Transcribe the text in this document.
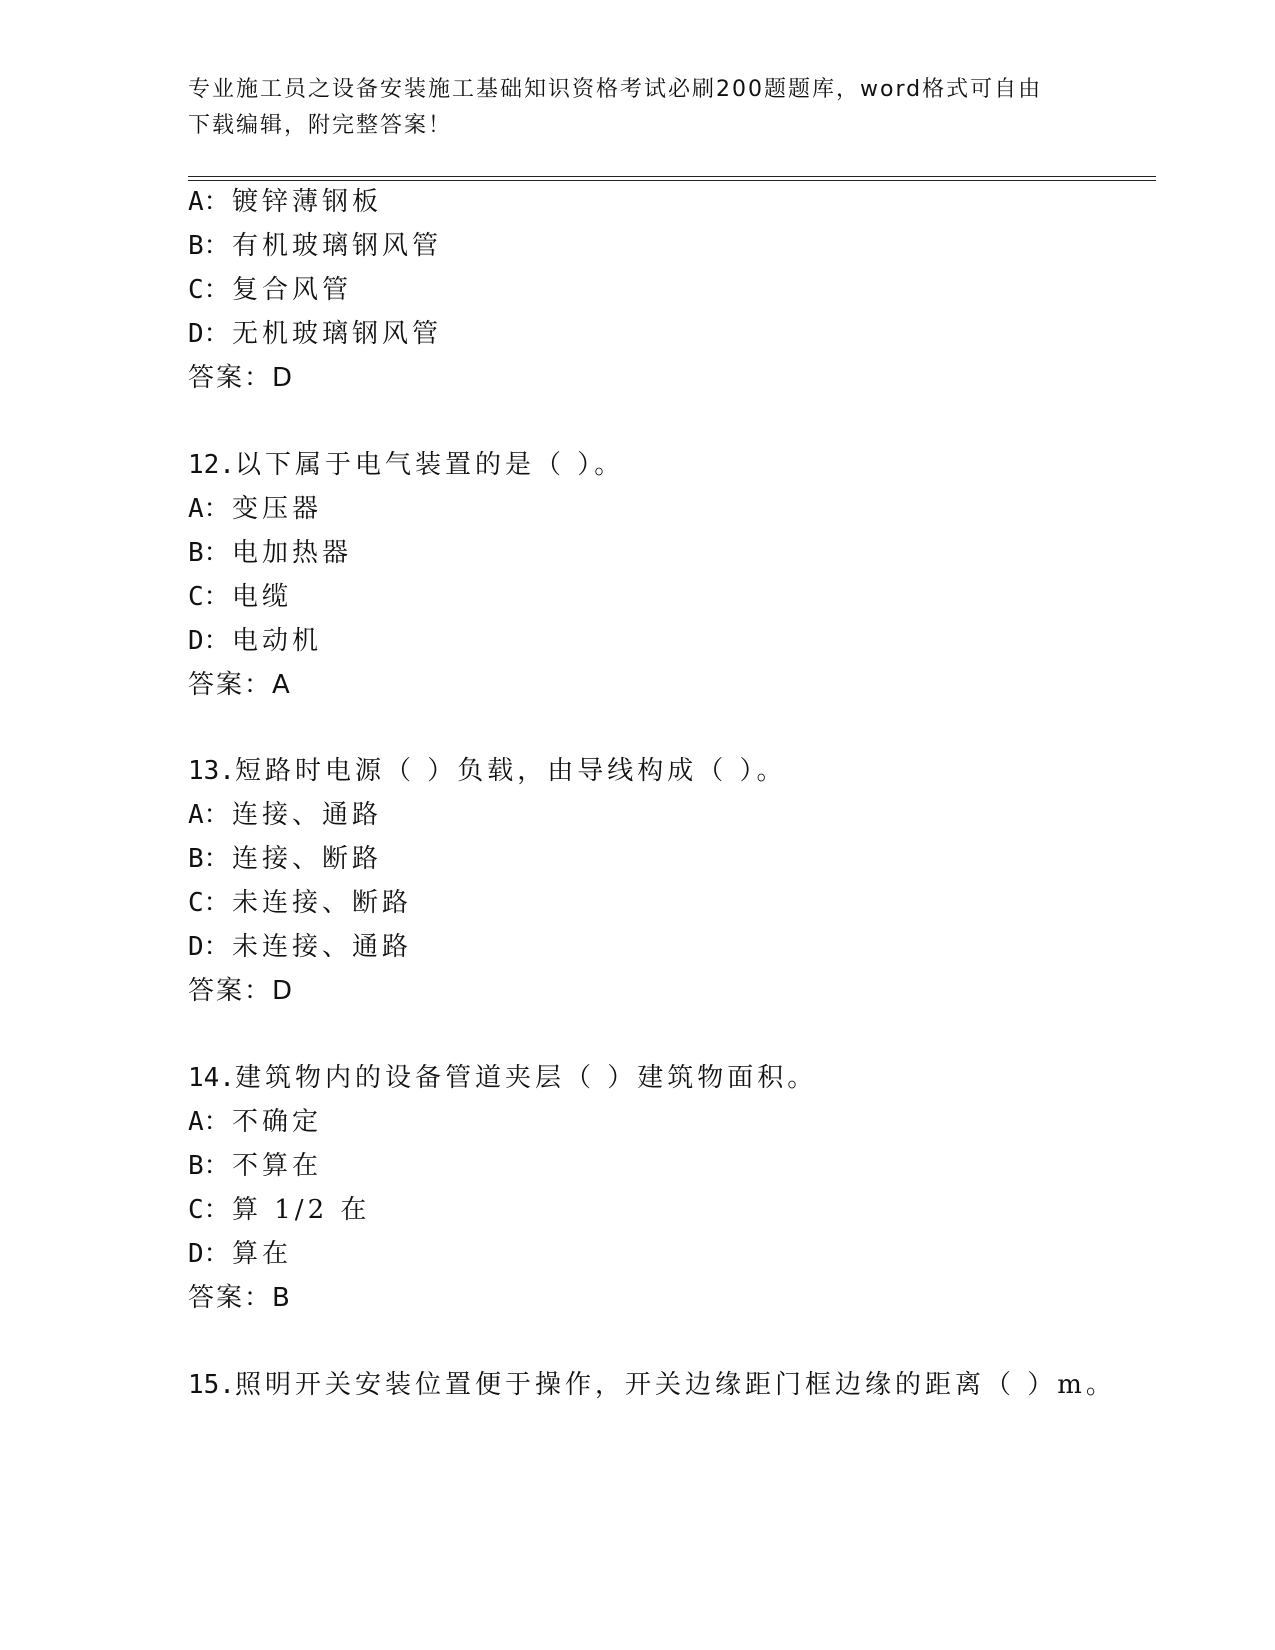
专业施工员之设备安装施工基础知识资格考试必刷200题题库，word格式可自由
下载编辑，附完整答案！
A：镀锌薄钢板
B：有机玻璃钢风管
C：复合风管
D：无机玻璃钢风管
答案：D
12.以下属于电气装置的是（ ）。
A：变压器
B：电加热器
C：电缆
D：电动机
答案：A
13.短路时电源（ ）负载，由导线构成（ ）。
A：连接、通路
B：连接、断路
C：未连接、断路
D：未连接、通路
答案：D
14.建筑物内的设备管道夹层（ ）建筑物面积。
A：不确定
B：不算在
C：算 1/2 在
D：算在
答案：B
15.照明开关安装位置便于操作，开关边缘距门框边缘的距离（ ）m。
